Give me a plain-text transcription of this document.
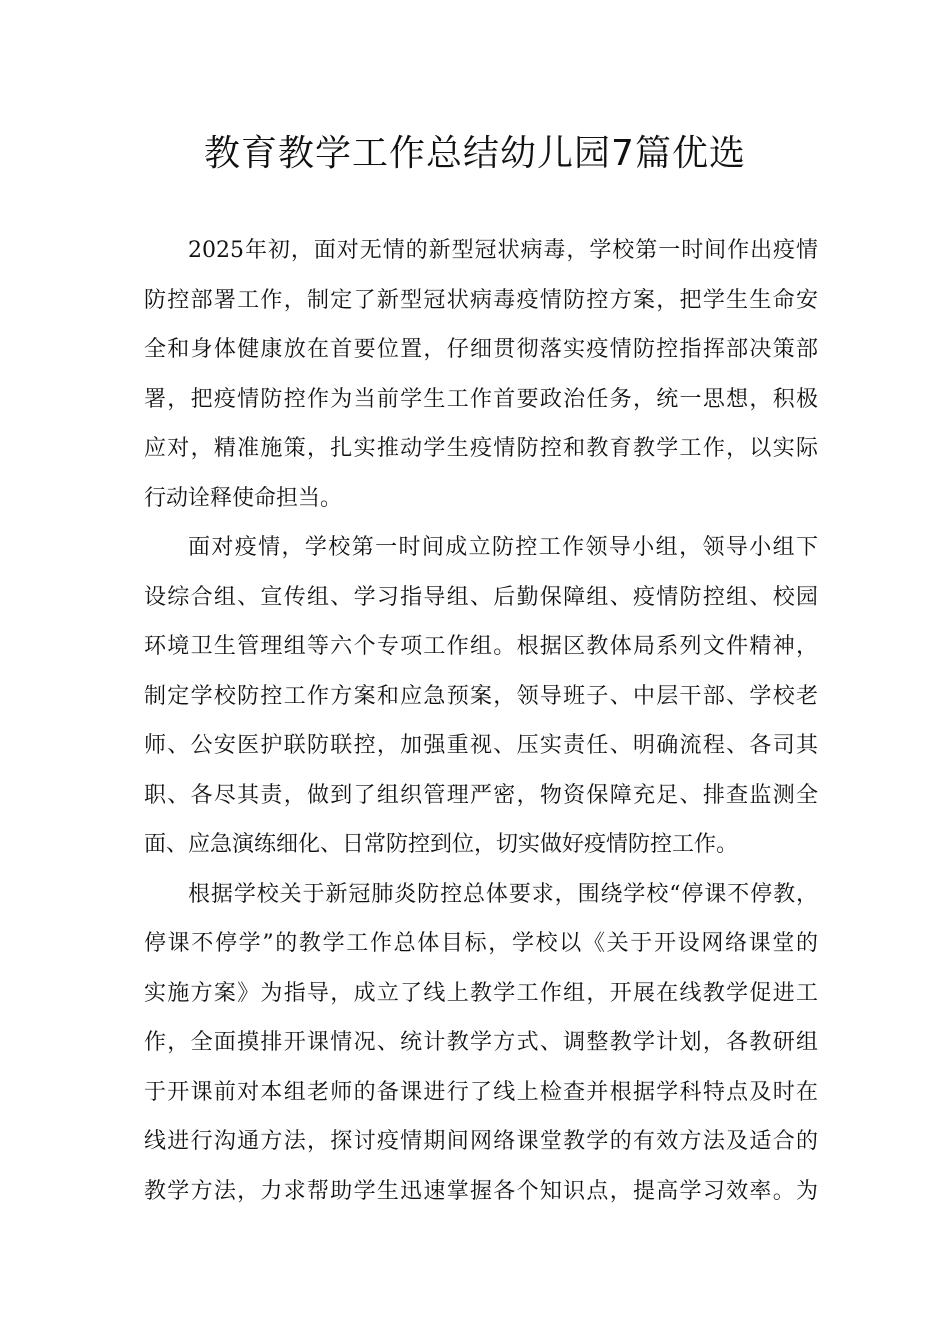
教育教学工作总结幼儿园7篇优选
2025年初，面对无情的新型冠状病毒，学校第一时间作出疫情
防控部署工作，制定了新型冠状病毒疫情防控方案，把学生生命安
全和身体健康放在首要位置，仔细贯彻落实疫情防控指挥部决策部
署，把疫情防控作为当前学生工作首要政治任务，统一思想，积极
应对，精准施策，扎实推动学生疫情防控和教育教学工作，以实际
行动诠释使命担当。
面对疫情，学校第一时间成立防控工作领导小组，领导小组下
设综合组、宣传组、学习指导组、后勤保障组、疫情防控组、校园
环境卫生管理组等六个专项工作组。根据区教体局系列文件精神，
制定学校防控工作方案和应急预案，领导班子、中层干部、学校老
师、公安医护联防联控，加强重视、压实责任、明确流程、各司其
职、各尽其责，做到了组织管理严密，物资保障充足、排查监测全
面、应急演练细化、日常防控到位，切实做好疫情防控工作。
根据学校关于新冠肺炎防控总体要求，围绕学校“停课不停教，
停课不停学”的教学工作总体目标，学校以《关于开设网络课堂的
实施方案》为指导，成立了线上教学工作组，开展在线教学促进工
作，全面摸排开课情况、统计教学方式、调整教学计划，各教研组
于开课前对本组老师的备课进行了线上检查并根据学科特点及时在
线进行沟通方法，探讨疫情期间网络课堂教学的有效方法及适合的
教学方法，力求帮助学生迅速掌握各个知识点，提高学习效率。为
